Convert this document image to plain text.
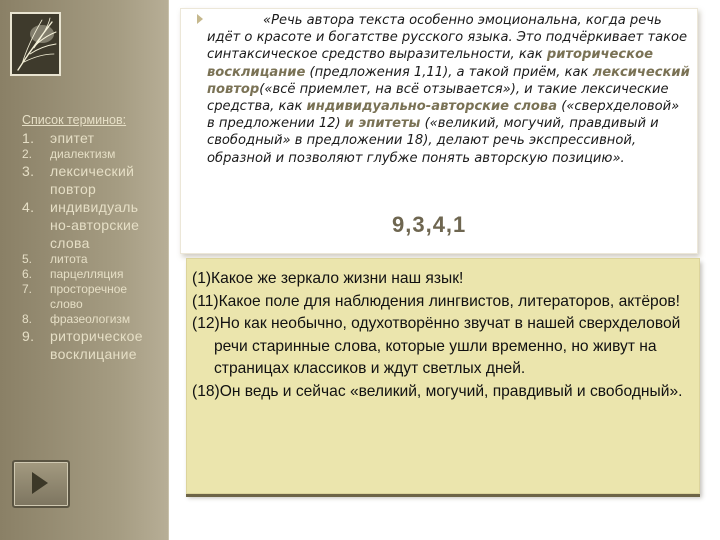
Список терминов:
1.	эпитет
2.	диалектизм
3.	лексический повтор
4.	индивидуаль но-авторские слова
5.	литота
6.	парцелляция
7.	просторечное слово
8.	фразеологизм
9.	риторическое восклицание
«Речь автора текста особенно эмоциональна, когда речь идёт о красоте и богатстве русского языка. Это подчёркивает такое синтаксическое средство выразительности, как риторическое восклицание (предложения 1,11), а такой приём, как лексический повтор(«всё приемлет, на всё отзывается»), и такие лексические средства, как индивидуально-авторские слова («сверхделовой» в предложении 12) и эпитеты («великий, могучий, правдивый и свободный» в предложении 18), делают речь экспрессивной, образной и позволяют глубже понять авторскую позицию».
9,3,4,1

(1)Какое же зеркало жизни наш язык!

(11)Какое поле для наблюдения лингвистов, литераторов, актёров!

(12)Но как необычно, одухотворённо звучат в нашей сверхделовой речи старинные слова, которые ушли временно, но живут на страницах классиков и ждут светлых дней.

(18)Он ведь и сейчас «великий, могучий, правдивый и свободный».
